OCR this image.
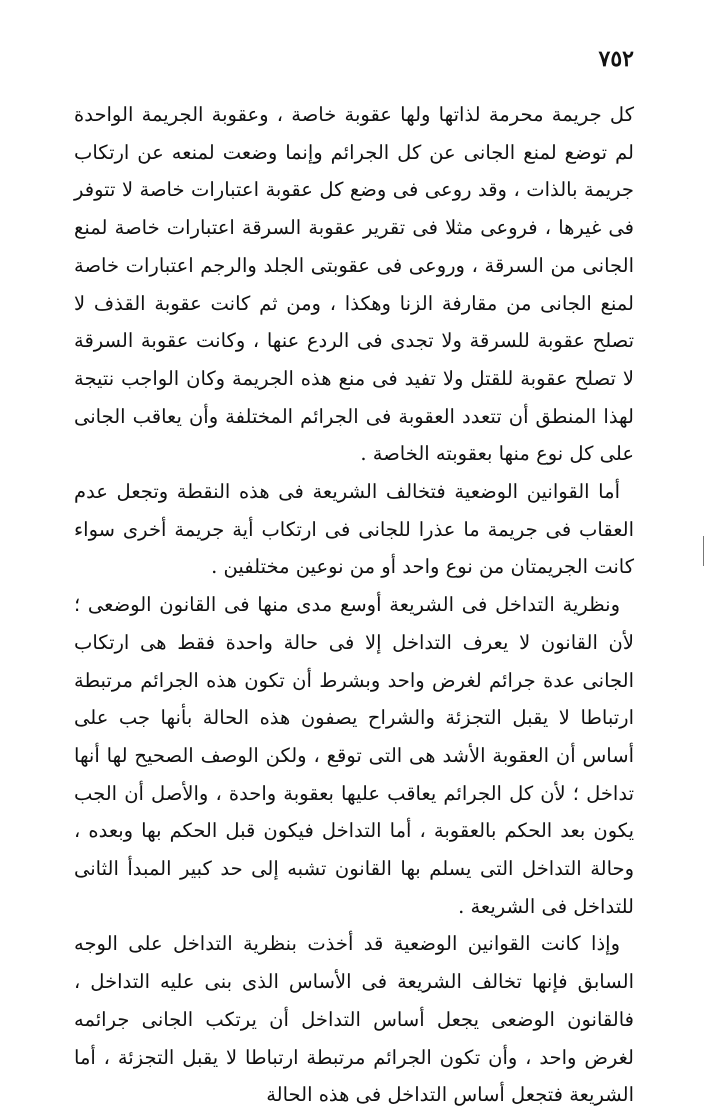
٧٥٢

كل جريمة محرمة لذاتها ولها عقوبة خاصة ، وعقوبة الجريمة الواحدة لم توضع لمنع الجانى عن كل الجرائم وإنما وضعت لمنعه عن ارتكاب جريمة بالذات ، وقد روعى فى وضع كل عقوبة اعتبارات خاصة لا تتوفر فى غيرها ، فروعى مثلا فى تقرير عقوبة السرقة اعتبارات خاصة لمنع الجانى من السرقة ، وروعى فى عقوبتى الجلد والرجم اعتبارات خاصة لمنع الجانى من مقارفة الزنا وهكذا ، ومن ثم كانت عقوبة القذف لا تصلح عقوبة للسرقة ولا تجدى فى الردع عنها ، وكانت عقوبة السرقة لا تصلح عقوبة للقتل ولا تفيد فى منع هذه الجريمة وكان الواجب نتيجة لهذا المنطق أن تتعدد العقوبة فى الجرائم المختلفة وأن يعاقب الجانى على كل نوع منها بعقوبته الخاصة .

أما القوانين الوضعية فتخالف الشريعة فى هذه النقطة وتجعل عدم العقاب فى جريمة ما عذرا للجانى فى ارتكاب أية جريمة أخرى سواء كانت الجريمتان من نوع واحد أو من نوعين مختلفين .

ونظرية التداخل فى الشريعة أوسع مدى منها فى القانون الوضعى ؛ لأن القانون لا يعرف التداخل إلا فى حالة واحدة فقط هى ارتكاب الجانى عدة جرائم لغرض واحد وبشرط أن تكون هذه الجرائم مرتبطة ارتباطا لا يقبل التجزئة والشراح يصفون هذه الحالة بأنها جب على أساس أن العقوبة الأشد هى التى توقع ، ولكن الوصف الصحيح لها أنها تداخل ؛ لأن كل الجرائم يعاقب عليها بعقوبة واحدة ، والأصل أن الجب يكون بعد الحكم بالعقوبة ، أما التداخل فيكون قبل الحكم بها وبعده ، وحالة التداخل التى يسلم بها القانون تشبه إلى حد كبير المبدأ الثانى للتداخل فى الشريعة .

وإذا كانت القوانين الوضعية قد أخذت بنظرية التداخل على الوجه السابق فإنها تخالف الشريعة فى الأساس الذى بنى عليه التداخل ، فالقانون الوضعى يجعل أساس التداخل أن يرتكب الجانى جرائمه لغرض واحد ، وأن تكون الجرائم مرتبطة ارتباطا لا يقبل التجزئة ، أما الشريعة فتجعل أساس التداخل فى هذه الحالة
